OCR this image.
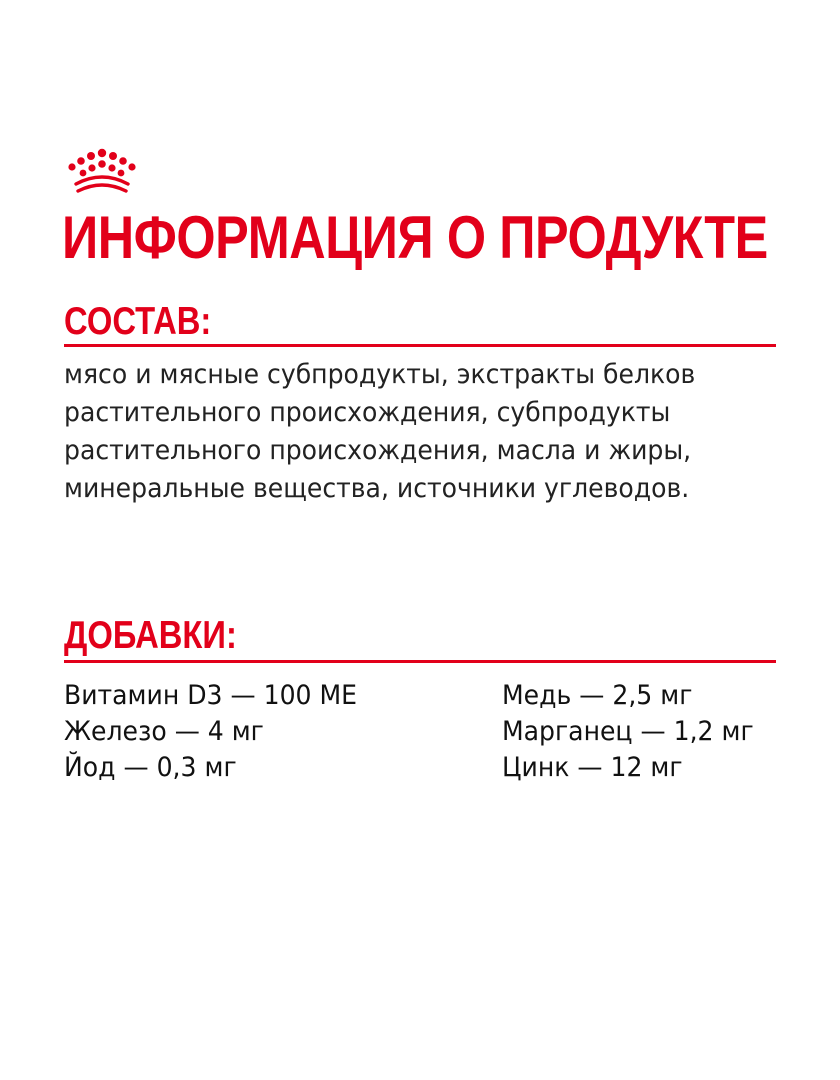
ИНФОРМАЦИЯ О ПРОДУКТЕ
СОСТАВ:

мясо и мясные субпродукты, экстракты белков растительного происхождения, субпродукты растительного происхождения, масла и жиры, минеральные вещества, источники углеводов.

ДОБАВКИ:

Витамин D3 — 100 МЕ

Железо — 4 мг

Йод — 0,3 мг

Медь — 2,5 мг

Марганец — 1,2 мг

Цинк — 12 мг
